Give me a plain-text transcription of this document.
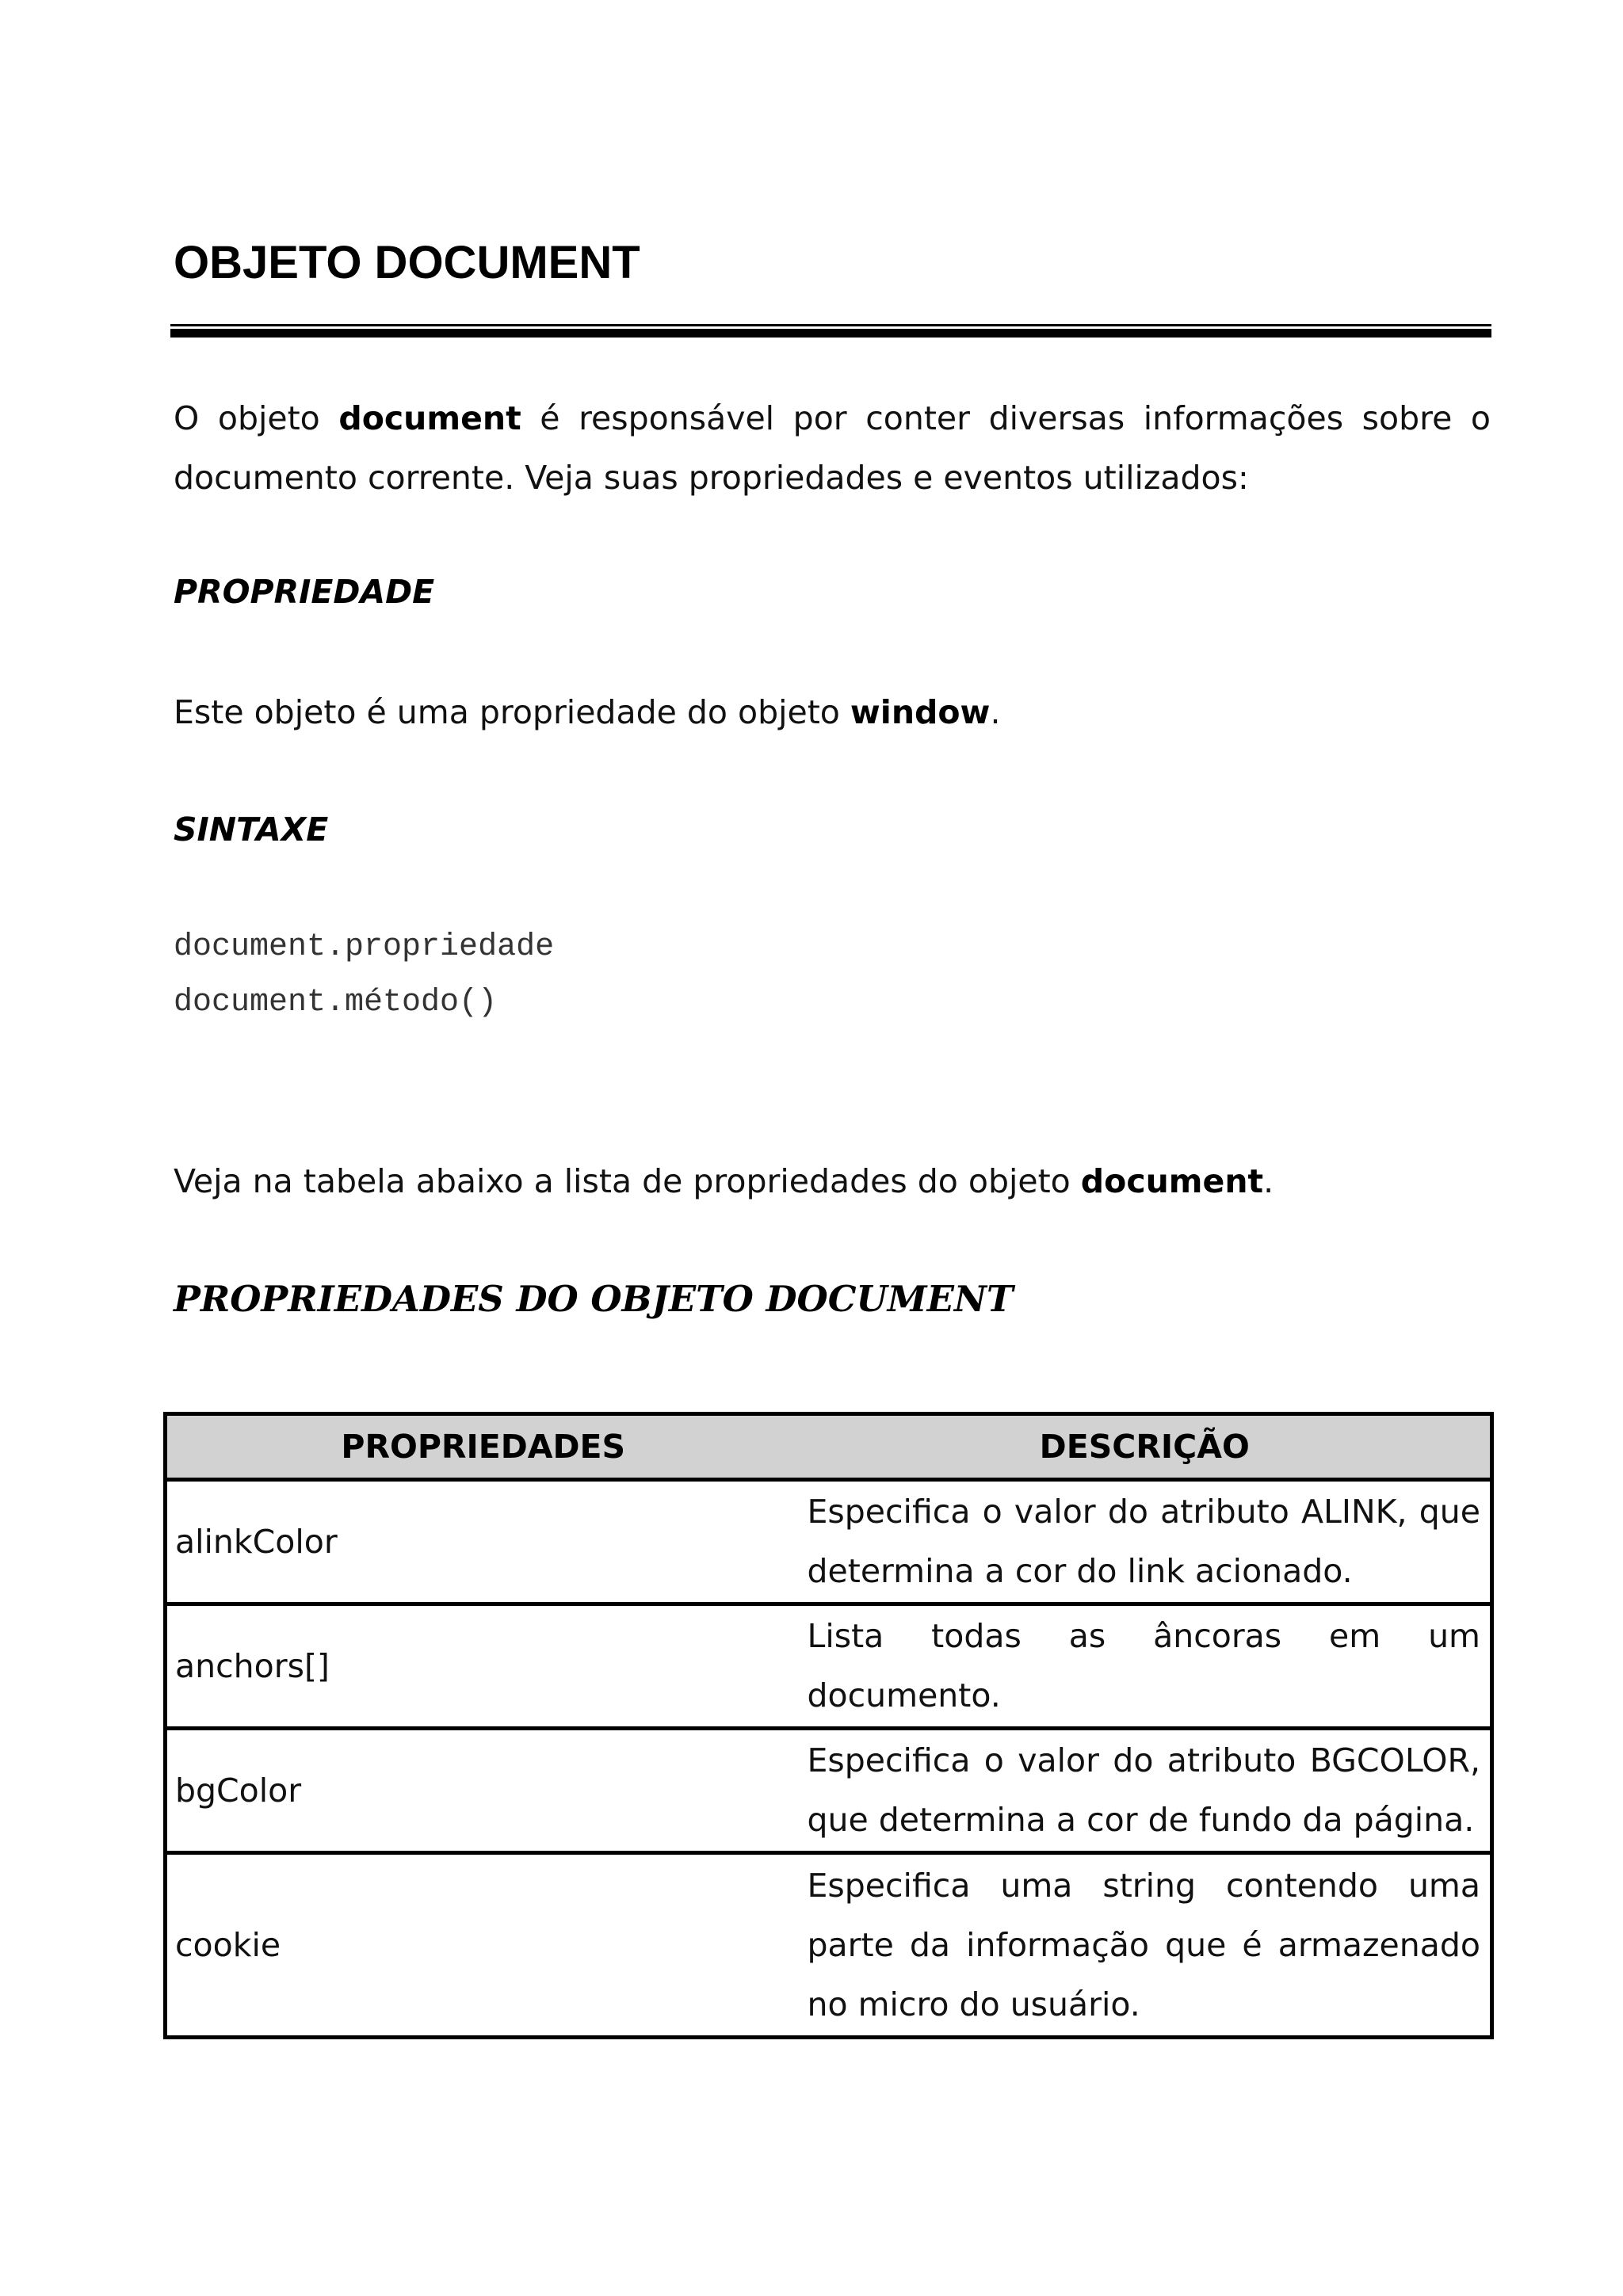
OBJETO DOCUMENT
O objeto document é responsável por conter diversas informações sobre o documento corrente. Veja suas propriedades e eventos utilizados:
PROPRIEDADE
Este objeto é uma propriedade do objeto window.
SINTAXE
document.propriedade
document.método()
Veja na tabela abaixo a lista de propriedades do objeto document.
PROPRIEDADES DO OBJETO DOCUMENT
PROPRIEDADES	DESCRIÇÃO
alinkColor	Especifica o valor do atributo ALINK, que determina a cor do link acionado.
anchors[]	Lista todas as âncoras em um documento.
bgColor	Especifica o valor do atributo BGCOLOR, que determina a cor de fundo da página.
cookie	Especifica uma string contendo uma parte da informação que é armazenado no micro do usuário.
